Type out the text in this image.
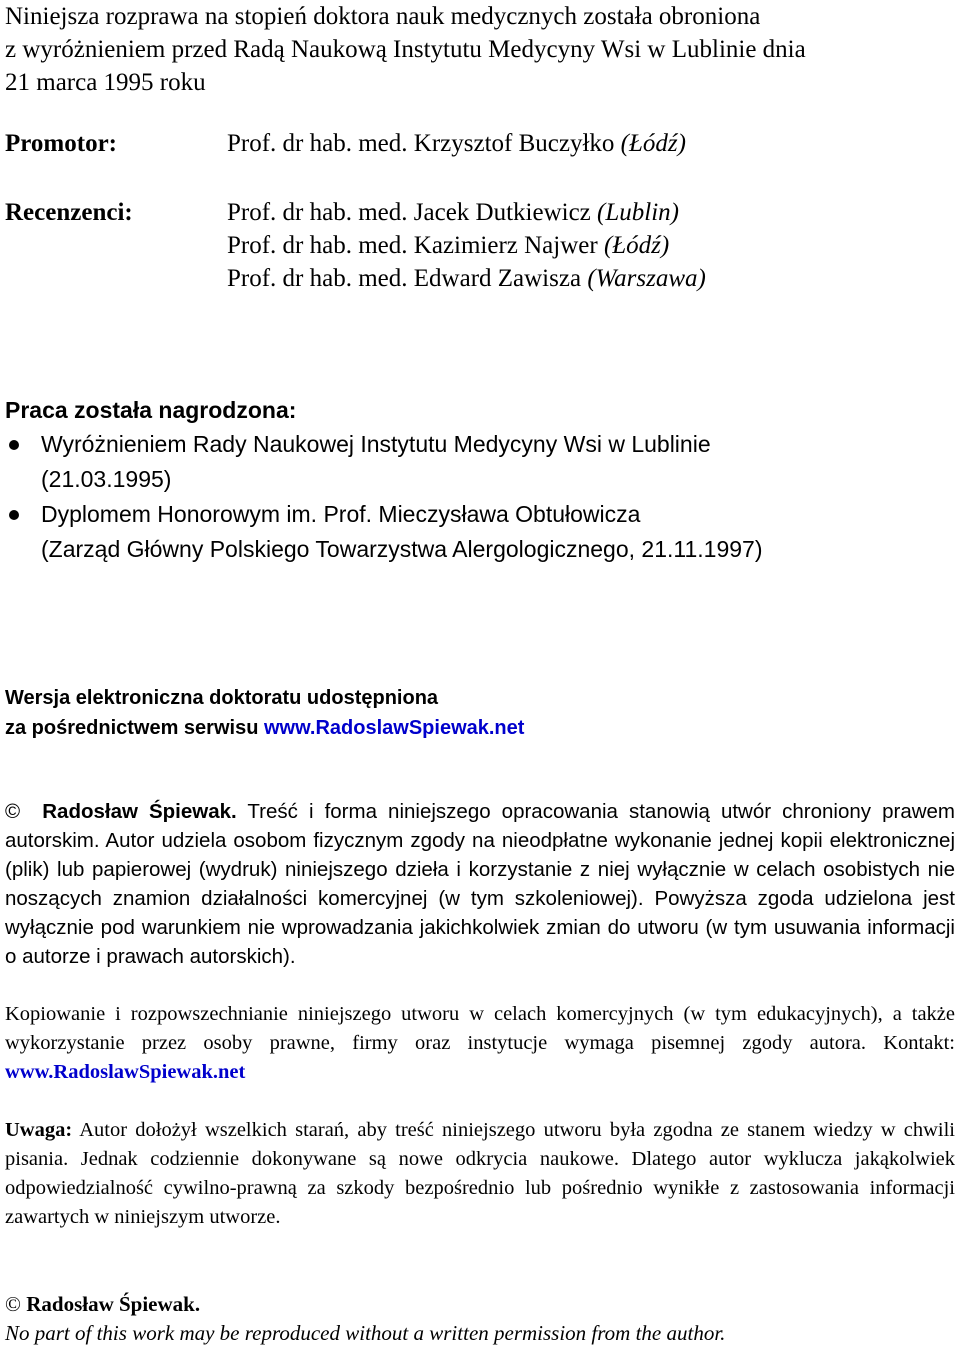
Niniejsza rozprawa na stopień doktora nauk medycznych została obroniona
z wyróżnieniem przed Radą Naukową Instytutu Medycyny Wsi w Lublinie dnia
21 marca 1995 roku
Promotor:	Prof. dr hab. med. Krzysztof Buczyłko (Łódź)
Recenzenci:	Prof. dr hab. med. Jacek Dutkiewicz (Lublin)
Prof. dr hab. med. Kazimierz Najwer (Łódź)
Prof. dr hab. med. Edward Zawisza (Warszawa)
Praca została nagrodzona:
Wyróżnieniem Rady Naukowej Instytutu Medycyny Wsi w Lublinie
(21.03.1995)
Dyplomem Honorowym im. Prof. Mieczysława Obtułowicza
(Zarząd Główny Polskiego Towarzystwa Alergologicznego, 21.11.1997)
Wersja elektroniczna doktoratu udostępniona
za pośrednictwem serwisu www.RadoslawSpiewak.net
© Radosław Śpiewak. Treść i forma niniejszego opracowania stanowią utwór chroniony prawem autorskim. Autor udziela osobom fizycznym zgody na nieodpłatne wykonanie jednej kopii elektronicznej (plik) lub papierowej (wydruk) niniejszego dzieła i korzystanie z niej wyłącznie w celach osobistych nie noszących znamion działalności komercyjnej (w tym szkoleniowej). Powyższa zgoda udzielona jest wyłącznie pod warunkiem nie wprowadzania jakichkolwiek zmian do utworu (w tym usuwania informacji o autorze i prawach autorskich).
Kopiowanie i rozpowszechnianie niniejszego utworu w celach komercyjnych (w tym edukacyjnych), a także wykorzystanie przez osoby prawne, firmy oraz instytucje wymaga pisemnej zgody autora. Kontakt: www.RadoslawSpiewak.net
Uwaga: Autor dołożył wszelkich starań, aby treść niniejszego utworu była zgodna ze stanem wiedzy w chwili pisania. Jednak codziennie dokonywane są nowe odkrycia naukowe. Dlatego autor wyklucza jakąkolwiek odpowiedzialność cywilno-prawną za szkody bezpośrednio lub pośrednio wynikłe z zastosowania informacji zawartych w niniejszym utworze.
© Radosław Śpiewak.
No part of this work may be reproduced without a written permission from the author.
